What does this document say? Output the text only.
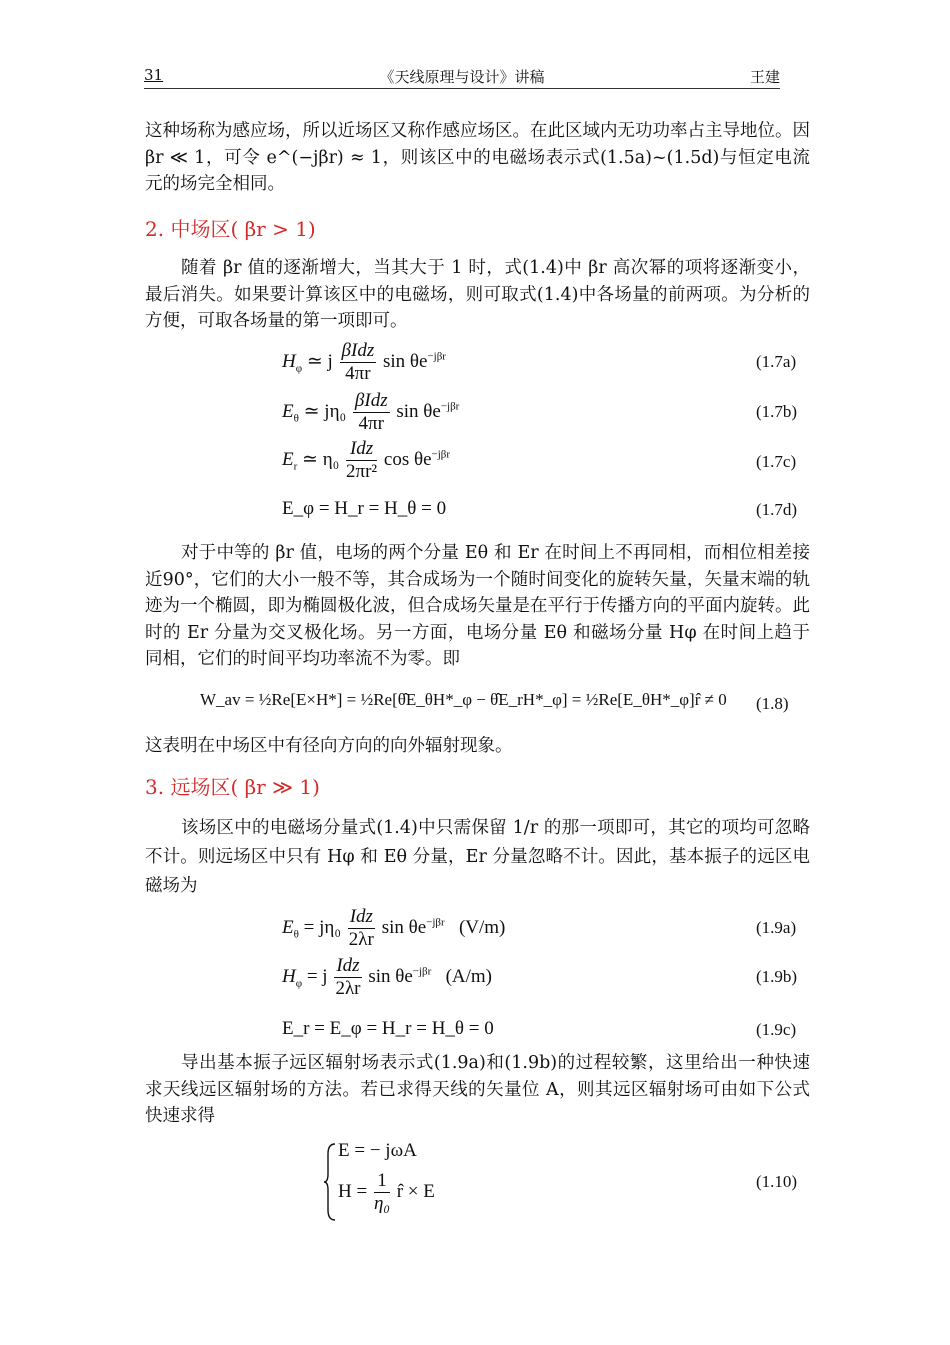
31	《天线原理与设计》讲稿	王建
这种场称为感应场，所以近场区又称作感应场区。在此区域内无功功率占主导地位。因 βr ≪ 1，可令 e^(−jβr) ≈ 1，则该区中的电磁场表示式(1.5a)~(1.5d)与恒定电流元的场完全相同。
2. 中场区( βr > 1)
随着 βr 值的逐渐增大，当其大于 1 时，式(1.4)中 βr 高次幂的项将逐渐变小，最后消失。如果要计算该区中的电磁场，则可取式(1.4)中各场量的前两项。为分析的方便，可取各场量的第一项即可。
$H_\varphi$ ≃ j $\frac{\text{βIdz}}{4\pi r}$ $\sin \theta e^{-j\beta r}$	(1.7a)
$E_\theta$ ≃ $j\eta_0 \frac{\text{βIdz}}{4\pi r}$ $\sin \theta e^{-j\beta r}$	(1.7b)
$E_r$ ≃ $\eta_0 \frac{\text{Idz}}{\text{2πr²}}$ $\cos \theta e^{-j\beta r}$	(1.7c)
E_φ = H_r = H_θ = 0	(1.7d)
对于中等的 βr 值，电场的两个分量 Eθ 和 Er 在时间上不再同相，而相位相差接近90°，它们的大小一般不等，其合成场为一个随时间变化的旋转矢量，矢量末端的轨迹为一个椭圆，即为椭圆极化波，但合成场矢量是在平行于传播方向的平面内旋转。此时的 Er 分量为交叉极化场。另一方面，电场分量 Eθ 和磁场分量 Hφ 在时间上趋于同相，它们的时间平均功率流不为零。即
W_av = ½Re[E×H*] = ½Re[θ̂E_θH*_φ − θ̂E_rH*_φ] = ½Re[E_θH*_φ]r̂ ≠ 0 (1.8)
这表明在中场区中有径向方向的向外辐射现象。
3. 远场区( βr ≫ 1)
该场区中的电磁场分量式(1.4)中只需保留 1/r 的那一项即可，其它的项均可忽略不计。则远场区中只有 Hφ 和 Eθ 分量，Er 分量忽略不计。因此，基本振子的远区电磁场为
$E_\theta = j\eta_0 \frac{\text{Idz}}{2\lambda r}$ $\sin \theta e^{-j\beta r}$ (V/m)	(1.9a)
$H_\varphi = j \frac{\text{Idz}}{2\lambda r}$ $\sin \theta e^{-j\beta r}$ (A/m)	(1.9b)
E_r = E_φ = H_r = H_θ = 0	(1.9c)
导出基本振子远区辐射场表示式(1.9a)和(1.9b)的过程较繁，这里给出一种快速求天线远区辐射场的方法。若已求得天线的矢量位 A，则其远区辐射场可由如下公式快速求得
E = − jωA
$H = \frac{1}{\text{η₀}}$ r̂ × E	(1.10)
